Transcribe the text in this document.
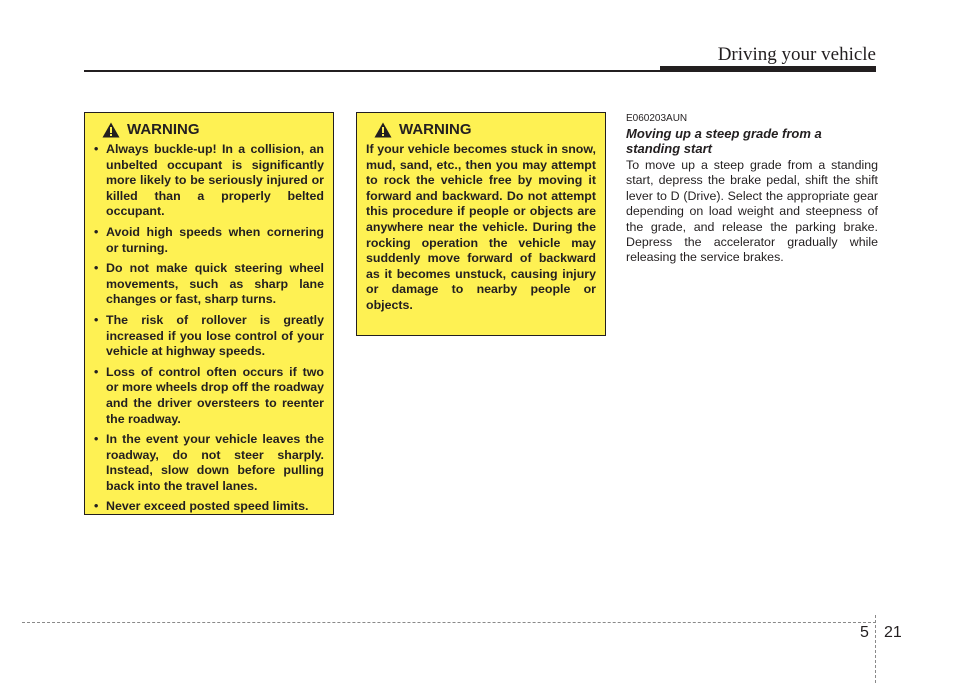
Driving your vehicle
WARNING
• Always buckle-up! In a collision, an unbelted occupant is significantly more likely to be seriously injured or killed than a properly belted occupant.
• Avoid high speeds when cornering or turning.
• Do not make quick steering wheel movements, such as sharp lane changes or fast, sharp turns.
• The risk of rollover is greatly increased if you lose control of your vehicle at highway speeds.
• Loss of control often occurs if two or more wheels drop off the roadway and the driver oversteers to reenter the roadway.
• In the event your vehicle leaves the roadway, do not steer sharply. Instead, slow down before pulling back into the travel lanes.
• Never exceed posted speed limits.
WARNING

If your vehicle becomes stuck in snow, mud, sand, etc., then you may attempt to rock the vehicle free by moving it forward and backward. Do not attempt this procedure if people or objects are anywhere near the vehicle. During the rocking operation the vehicle may suddenly move forward of backward as it becomes unstuck, causing injury or damage to nearby people or objects.

E060203AUN
Moving up a steep grade from a standing start
To move up a steep grade from a standing start, depress the brake pedal, shift the shift lever to D (Drive). Select the appropriate gear depending on load weight and steepness of the grade, and release the parking brake. Depress the accelerator gradually while releasing the service brakes.
5 21
